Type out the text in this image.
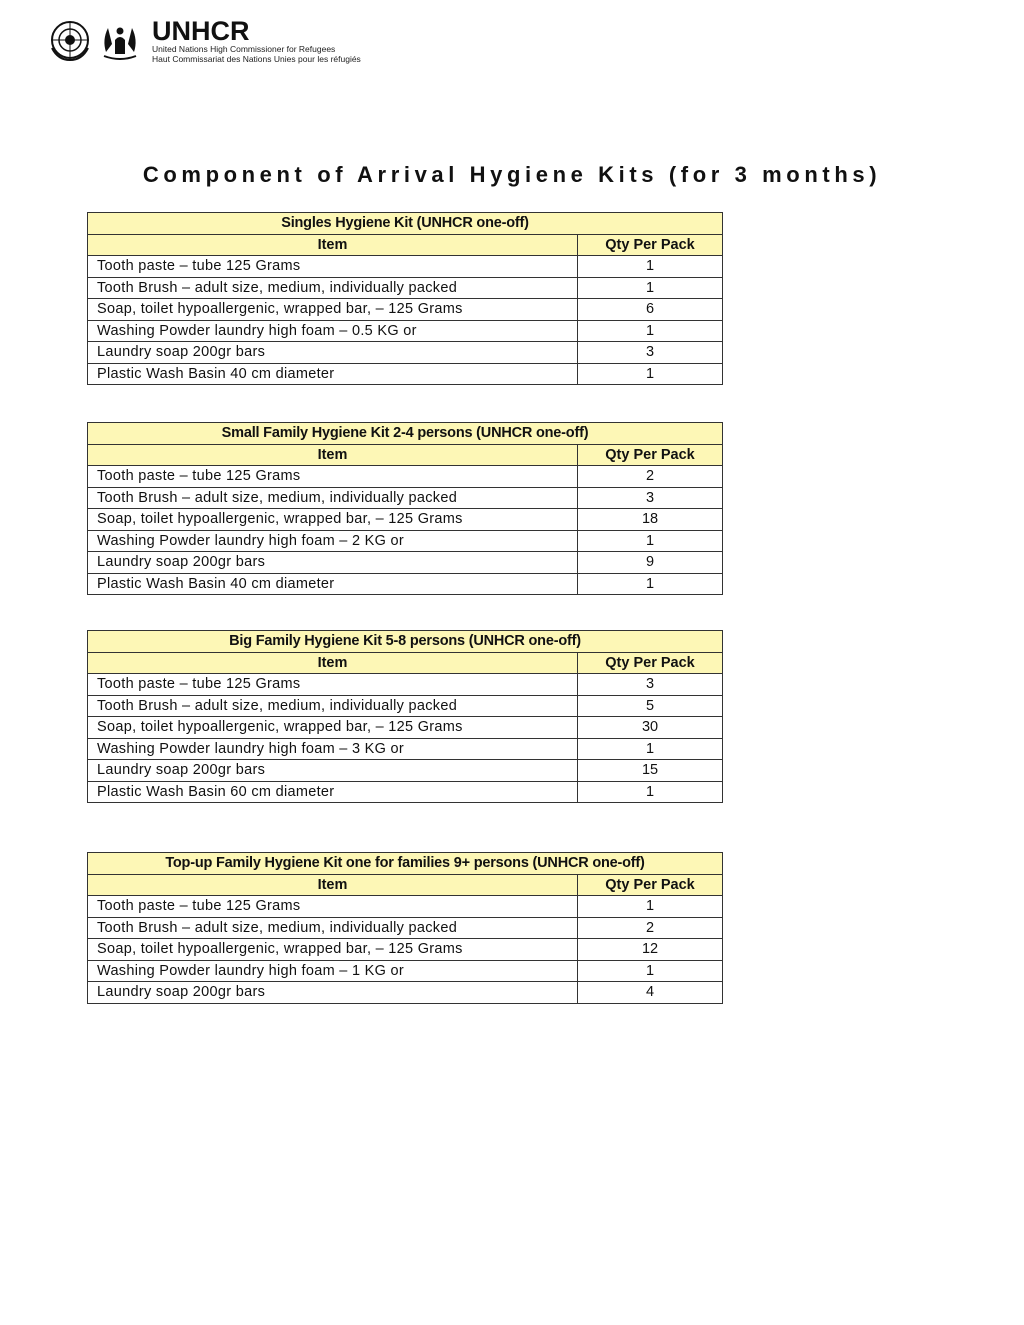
UNHCR
United Nations High Commissioner for Refugees
Haut Commissariat des Nations Unies pour les réfugiés
Component of Arrival Hygiene Kits (for 3 months)
Singles Hygiene Kit (UNHCR one-off)	
Item	Qty Per Pack
Tooth paste – tube 125 Grams	1
Tooth Brush – adult size, medium, individually packed	1
Soap, toilet hypoallergenic, wrapped bar, – 125 Grams	6
Washing Powder laundry high foam – 0.5 KG or	1
Laundry soap 200gr bars	3
Plastic Wash Basin 40 cm diameter	1
Small Family Hygiene Kit 2-4 persons (UNHCR one-off)	
Item	Qty Per Pack
Tooth paste – tube 125 Grams	2
Tooth Brush – adult size, medium, individually packed	3
Soap, toilet hypoallergenic, wrapped bar, – 125 Grams	18
Washing Powder laundry high foam – 2 KG or	1
Laundry soap 200gr bars	9
Plastic Wash Basin 40 cm diameter	1
Big Family Hygiene Kit 5-8 persons (UNHCR one-off)	
Item	Qty Per Pack
Tooth paste – tube 125 Grams	3
Tooth Brush – adult size, medium, individually packed	5
Soap, toilet hypoallergenic, wrapped bar, – 125 Grams	30
Washing Powder laundry high foam – 3 KG or	1
Laundry soap 200gr bars	15
Plastic Wash Basin 60 cm diameter	1
Top-up Family Hygiene Kit one for families 9+ persons (UNHCR one-off)	
Item	Qty Per Pack
Tooth paste – tube 125 Grams	1
Tooth Brush – adult size, medium, individually packed	2
Soap, toilet hypoallergenic, wrapped bar, – 125 Grams	12
Washing Powder laundry high foam – 1 KG or	1
Laundry soap 200gr bars	4
